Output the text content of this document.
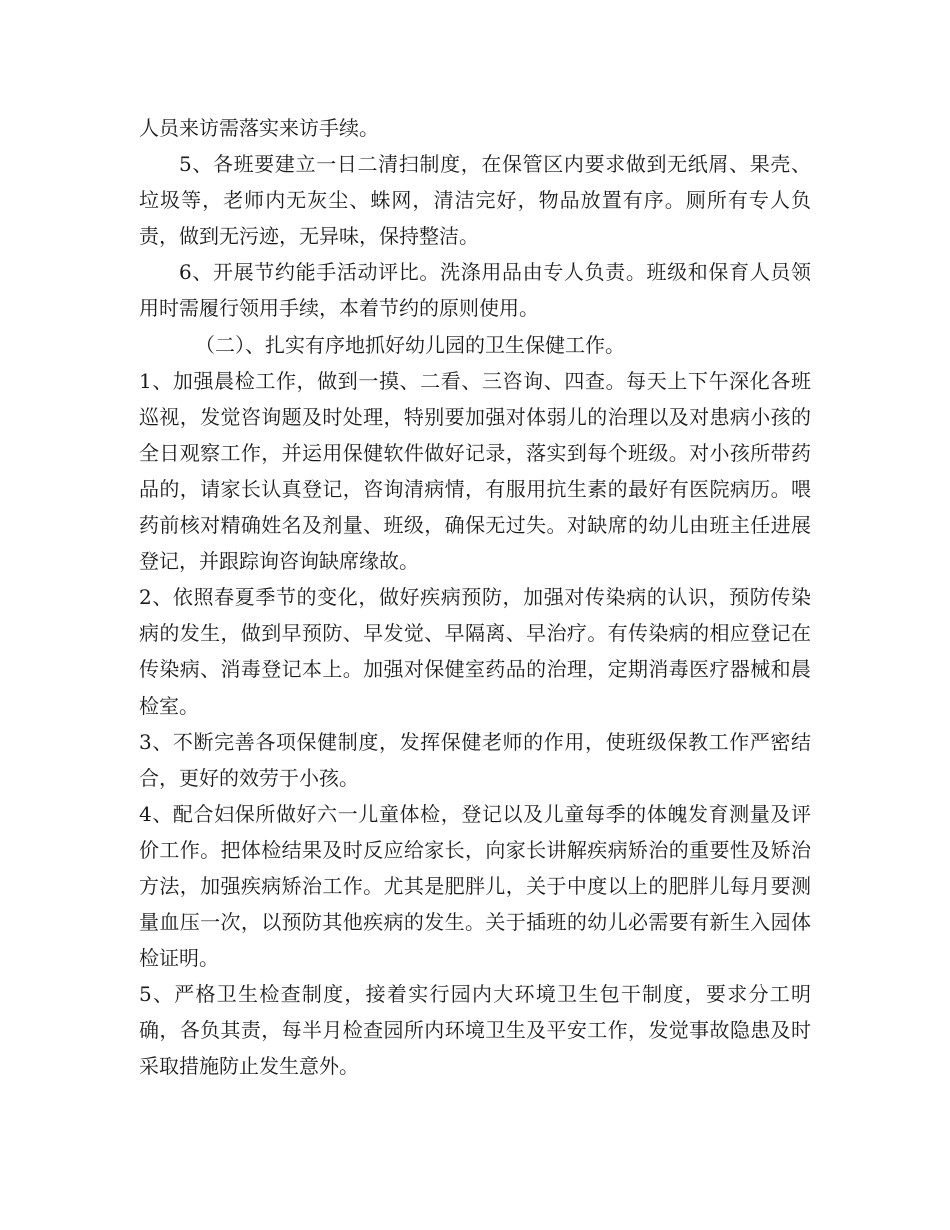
人员来访需落实来访手续。

5、各班要建立一日二清扫制度，在保管区内要求做到无纸屑、果壳、垃圾等，老师内无灰尘、蛛网，清洁完好，物品放置有序。厕所有专人负责，做到无污迹，无异味，保持整洁。

6、开展节约能手活动评比。洗涤用品由专人负责。班级和保育人员领用时需履行领用手续，本着节约的原则使用。

（二）、扎实有序地抓好幼儿园的卫生保健工作。

1、加强晨检工作，做到一摸、二看、三咨询、四查。每天上下午深化各班巡视，发觉咨询题及时处理，特别要加强对体弱儿的治理以及对患病小孩的全日观察工作，并运用保健软件做好记录，落实到每个班级。对小孩所带药品的，请家长认真登记，咨询清病情，有服用抗生素的最好有医院病历。喂药前核对精确姓名及剂量、班级，确保无过失。对缺席的幼儿由班主任进展登记，并跟踪询咨询缺席缘故。

2、依照春夏季节的变化，做好疾病预防，加强对传染病的认识，预防传染病的发生，做到早预防、早发觉、早隔离、早治疗。有传染病的相应登记在传染病、消毒登记本上。加强对保健室药品的治理，定期消毒医疗器械和晨检室。

3、不断完善各项保健制度，发挥保健老师的作用，使班级保教工作严密结合，更好的效劳于小孩。

4、配合妇保所做好六一儿童体检，登记以及儿童每季的体魄发育测量及评价工作。把体检结果及时反应给家长，向家长讲解疾病矫治的重要性及矫治方法，加强疾病矫治工作。尤其是肥胖儿，关于中度以上的肥胖儿每月要测量血压一次，以预防其他疾病的发生。关于插班的幼儿必需要有新生入园体检证明。

5、严格卫生检查制度，接着实行园内大环境卫生包干制度，要求分工明确，各负其责，每半月检查园所内环境卫生及平安工作，发觉事故隐患及时采取措施防止发生意外。
